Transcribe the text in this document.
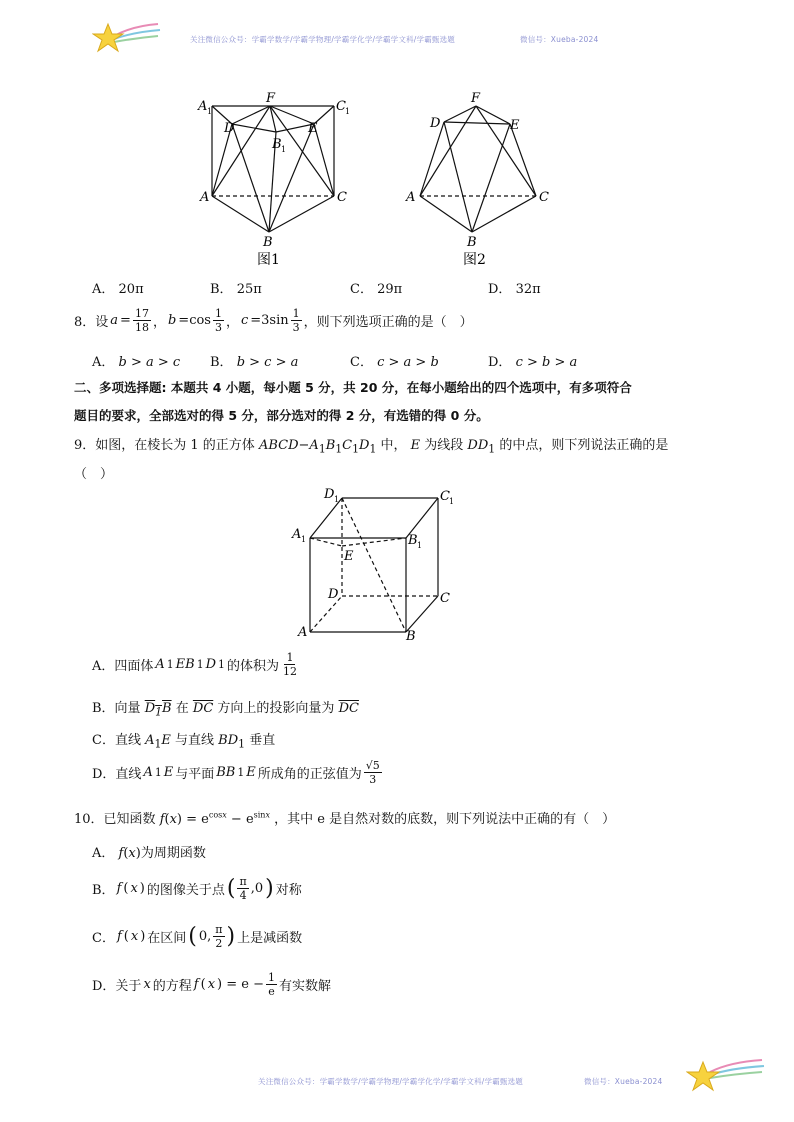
关注微信公众号：学霸学数学/学霸学物理/学霸学化学/学霸学文科/学霸甄选题	微信号：Xueba-2024
A 1
F
C 1
D	E
B 1
A	C
B
图1
F
D	E
A	C
B
图2
A． 20π	B． 25π	C． 29π	D． 32π
8．设 $a = \frac{17}{18}$ ， $b =\cos \frac{1}{3}$ ， $c =3\sin \frac{1}{3}$ ，则下列选项正确的是（　）
A． b > a > c B． b > c > a	C． c > a > b	D． c > b > a
二、多项选择题: 本题共 4 小题，每小题 5 分，共 20 分，在每小题给出的四个选项中，有多项符合
题目的要求，全部选对的得 5 分，部分选对的得 2 分，有选错的得 0 分。
9．如图，在棱长为 1 的正方体 $ABCD-A_1B_1C_1D_1$ 中， E 为线段 $DD_1$ 的中点，则下列说法正确的是
（　）
D 1	C 1
A 1	B 1
E
D	C
A	B
A．四面体 A 1 EB 1 D 1 的体积为 $\frac{1}{12}$
B．向量 $D_1B$ 在 $\overline{DC}$ 方向上的投影向量为 $\overline{DC}$
C．直线 $A_1E$ 与直线 $BD_1$ 垂直
D．直线 A 1 E 与平面 BB 1 E 所成角的正弦值为 $\frac{√5}{3}$
10．已知函数 $f(x) = e^{cosx} - e^{sinx}$ ，其中 e 是自然对数的底数，则下列说法中正确的有（　）
A． f(x)为周期函数
B． f ( x ) 的图像关于点 ( $\frac{\pi}{4} ,0$ ) 对称
C． f ( x ) 在区间 ( 0, $\frac{\pi}{2}$ ) 上是减函数
D．关于 x 的方程 f ( x ) = $e - \frac{1}{e}$ 有实数解
关注微信公众号：学霸学数学/学霸学物理/学霸学化学/学霸学文科/学霸甄选题	微信号：Xueba-2024
